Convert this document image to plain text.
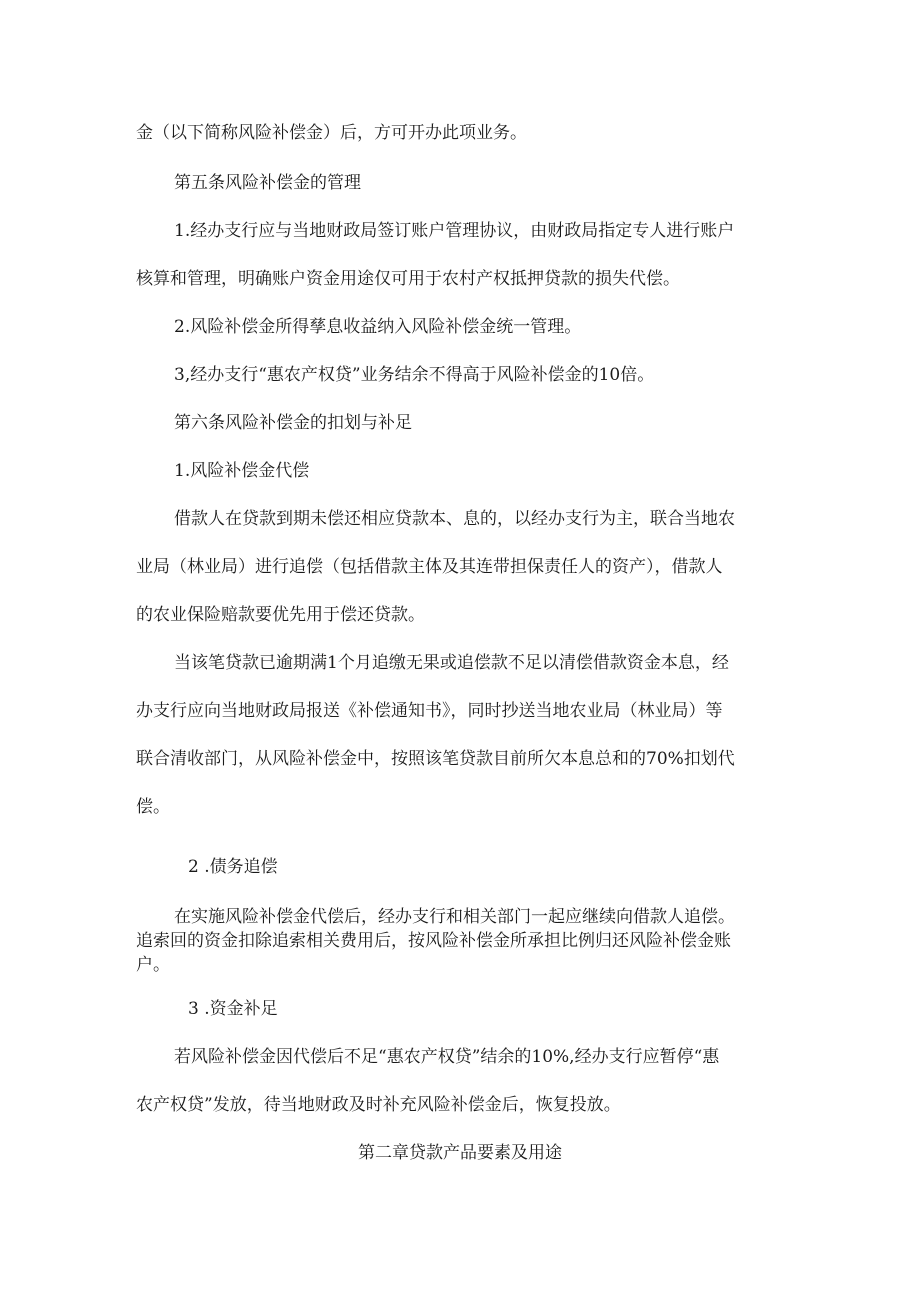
金（以下简称风险补偿金）后，方可开办此项业务。
第五条风险补偿金的管理
1.经办支行应与当地财政局签订账户管理协议，由财政局指定专人进行账户
核算和管理，明确账户资金用途仅可用于农村产权抵押贷款的损失代偿。
2.风险补偿金所得孳息收益纳入风险补偿金统一管理。
3,经办支行“惠农产权贷”业务结余不得高于风险补偿金的10倍。
第六条风险补偿金的扣划与补足
1.风险补偿金代偿
借款人在贷款到期未偿还相应贷款本、息的，以经办支行为主，联合当地农
业局（林业局）进行追偿（包括借款主体及其连带担保责任人的资产），借款人
的农业保险赔款要优先用于偿还贷款。
当该笔贷款已逾期满1个月追缴无果或追偿款不足以清偿借款资金本息，经
办支行应向当地财政局报送《补偿通知书》，同时抄送当地农业局（林业局）等
联合清收部门，从风险补偿金中，按照该笔贷款目前所欠本息总和的70%扣划代
偿。
2 .债务追偿
在实施风险补偿金代偿后，经办支行和相关部门一起应继续向借款人追偿。
追索回的资金扣除追索相关费用后，按风险补偿金所承担比例归还风险补偿金账
户。
3 .资金补足
若风险补偿金因代偿后不足“惠农产权贷”结余的10%,经办支行应暂停“惠
农产权贷”发放，待当地财政及时补充风险补偿金后，恢复投放。
第二章贷款产品要素及用途
